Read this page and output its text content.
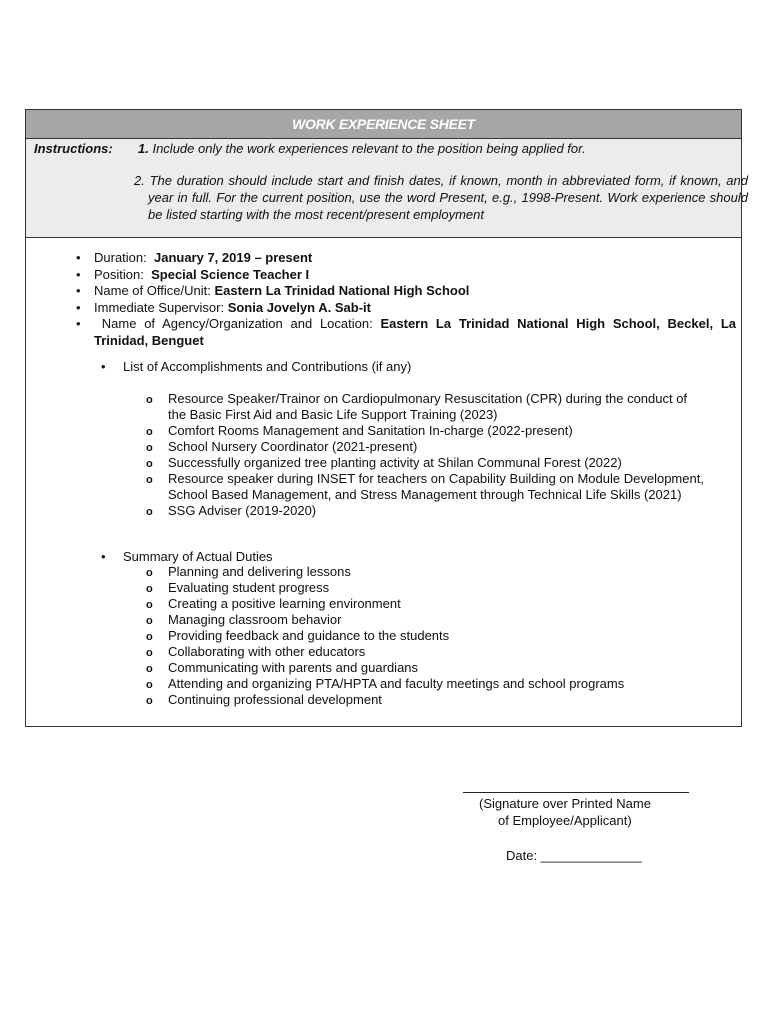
WORK EXPERIENCE SHEET
Instructions: 1. Include only the work experiences relevant to the position being applied for.
2. The duration should include start and finish dates, if known, month in abbreviated form, if known, and year in full. For the current position, use the word Present, e.g., 1998-Present. Work experience should be listed starting with the most recent/present employment
• Duration: January 7, 2019 – present
• Position: Special Science Teacher I
• Name of Office/Unit: Eastern La Trinidad National High School
• Immediate Supervisor: Sonia Jovelyn A. Sab-it
• Name of Agency/Organization and Location: Eastern La Trinidad National High School, Beckel, La Trinidad, Benguet
• List of Accomplishments and Contributions (if any)
o Resource Speaker/Trainor on Cardiopulmonary Resuscitation (CPR) during the conduct of the Basic First Aid and Basic Life Support Training (2023)
o Comfort Rooms Management and Sanitation In-charge (2022-present)
o School Nursery Coordinator (2021-present)
o Successfully organized tree planting activity at Shilan Communal Forest (2022)
o Resource speaker during INSET for teachers on Capability Building on Module Development, School Based Management, and Stress Management through Technical Life Skills (2021)
o SSG Adviser (2019-2020)
• Summary of Actual Duties
o Planning and delivering lessons
o Evaluating student progress
o Creating a positive learning environment
o Managing classroom behavior
o Providing feedback and guidance to the students
o Collaborating with other educators
o Communicating with parents and guardians
o Attending and organizing PTA/HPTA and faculty meetings and school programs
o Continuing professional development
(Signature over Printed Name
of Employee/Applicant)
Date: ______________
